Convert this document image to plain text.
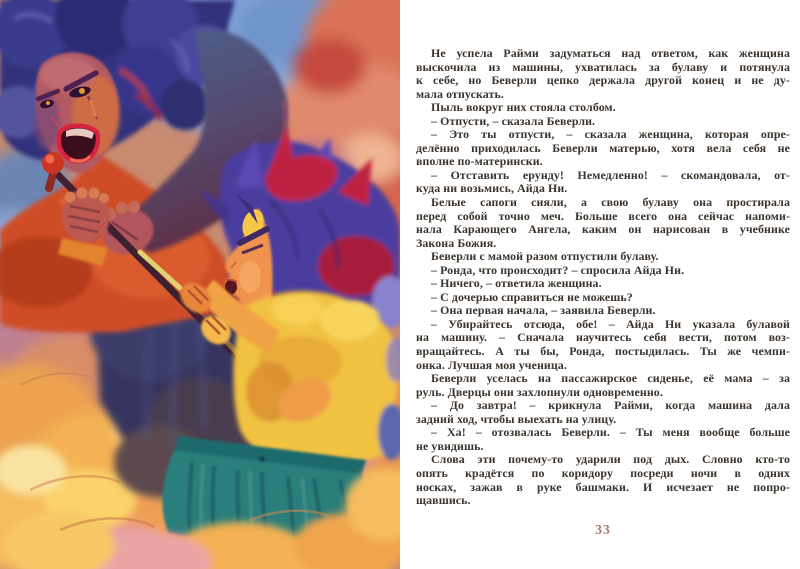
Не успела Райми задуматься над ответом, как женщина
выскочила из машины, ухватилась за булаву и потянула
к себе, но Беверли цепко держала другой конец и не ду-
мала отпускать.
Пыль вокруг них стояла столбом.
– Отпусти, – сказала Беверли.
– Это ты отпусти, – сказала женщина, которая опре-
делённо приходилась Беверли матерью, хотя вела себя не
вполне по-матерински.
– Отставить ерунду! Немедленно! – скомандовала, от-
куда ни возьмись, Айда Ни.
Белые сапоги сияли, а свою булаву она простирала
перед собой точно меч. Больше всего она сейчас напоми-
нала Карающего Ангела, каким он нарисован в учебнике
Закона Божия.
Беверли с мамой разом отпустили булаву.
– Ронда, что происходит? – спросила Айда Ни.
– Ничего, – ответила женщина.
– С дочерью справиться не можешь?
– Она первая начала, – заявила Беверли.
– Убирайтесь отсюда, обе! – Айда Ни указала булавой
на машину. – Сначала научитесь себя вести, потом воз-
вращайтесь. А ты бы, Ронда, постыдилась. Ты же чемпи-
онка. Лучшая моя ученица.
Беверли уселась на пассажирское сиденье, её мама – за
руль. Дверцы они захлопнули одновременно.
– До завтра! – крикнула Райми, когда машина дала
задний ход, чтобы выехать на улицу.
– Ха! – отозвалась Беверли. – Ты меня вообще больше
не увидишь.
Слова эти почему-то ударили под дых. Словно кто-то
опять крадётся по коридору посреди ночи в одних
носках, зажав в руке башмаки. И исчезает не попро-
щавшись.
33
